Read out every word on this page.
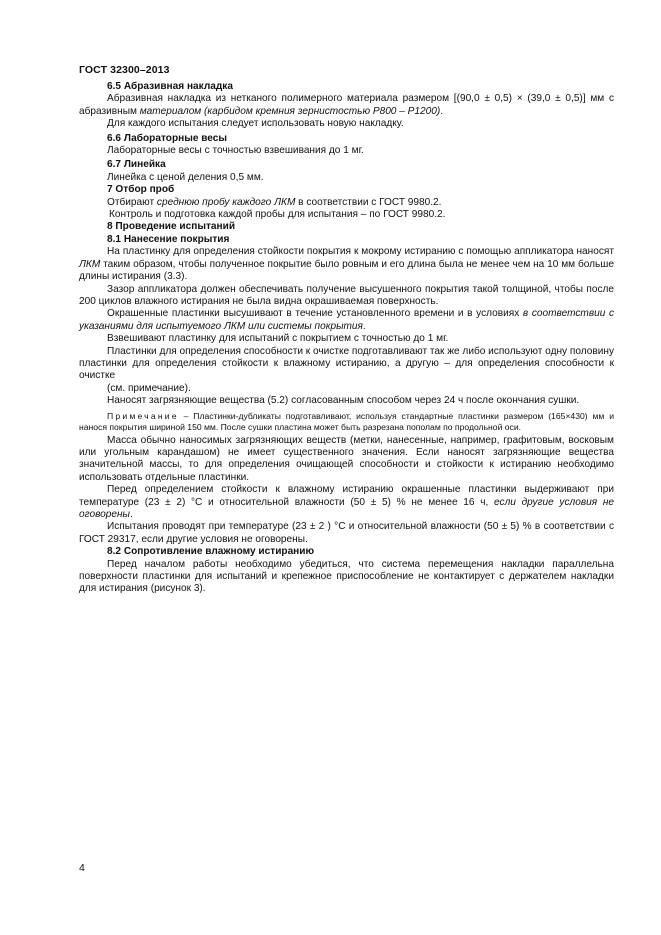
ГОСТ 32300–2013

6.5 Абразивная накладка

Абразивная накладка из нетканого полимерного материала размером [(90,0 ± 0,5) × (39,0 ± 0,5)] мм с абразивным материалом (карбидом кремния зернистостью Р800 – Р1200).

Для каждого испытания следует использовать новую накладку.

6.6 Лабораторные весы

Лабораторные весы с точностью взвешивания до 1 мг.

6.7 Линейка

Линейка с ценой деления 0,5 мм.

7 Отбор проб

Отбирают среднюю пробу каждого ЛКМ в соответствии с ГОСТ 9980.2.

Контроль и подготовка каждой пробы для испытания – по ГОСТ 9980.2.

8 Проведение испытаний

8.1 Нанесение покрытия

На пластинку для определения стойкости покрытия к мокрому истиранию с помощью аппликатора наносят ЛКМ таким образом, чтобы полученное покрытие было ровным и его длина была не менее чем на 10 мм больше длины истирания (3.3).

Зазор аппликатора должен обеспечивать получение высушенного покрытия такой толщиной, чтобы после 200 циклов влажного истирания не была видна окрашиваемая поверхность.

Окрашенные пластинки высушивают в течение установленного времени и в условиях в соответствии с указаниями для испытуемого ЛКМ или системы покрытия.

Взвешивают пластинку для испытаний с покрытием с точностью до 1 мг.

Пластинки для определения способности к очистке подготавливают так же либо используют одну половину пластинки для определения стойкости к влажному истиранию, а другую – для определения способности к очистке

(см. примечание).

Наносят загрязняющие вещества (5.2) согласованным способом через 24 ч после окончания сушки.

Примечание – Пластинки-дубликаты подготавливают, используя стандартные пластинки размером (165×430) мм и нанося покрытия шириной 150 мм. После сушки пластина может быть разрезана пополам по продольной оси.

Масса обычно наносимых загрязняющих веществ (метки, нанесенные, например, графитовым, восковым или угольным карандашом) не имеет существенного значения. Если наносят загрязняющие вещества значительной массы, то для определения очищающей способности и стойкости к истиранию необходимо использовать отдельные пластинки.

Перед определением стойкости к влажному истиранию окрашенные пластинки выдерживают при температуре (23 ± 2) °С и относительной влажности (50 ± 5) % не менее 16 ч, если другие условия не оговорены.

Испытания проводят при температуре (23 ± 2 ) °С и относительной влажности (50 ± 5) % в соответствии с ГОСТ 29317, если другие условия не оговорены.

8.2 Сопротивление влажному истиранию

Перед началом работы необходимо убедиться, что система перемещения накладки параллельна поверхности пластинки для испытаний и крепежное приспособление не контактирует с держателем накладки для истирания (рисунок 3).

4
